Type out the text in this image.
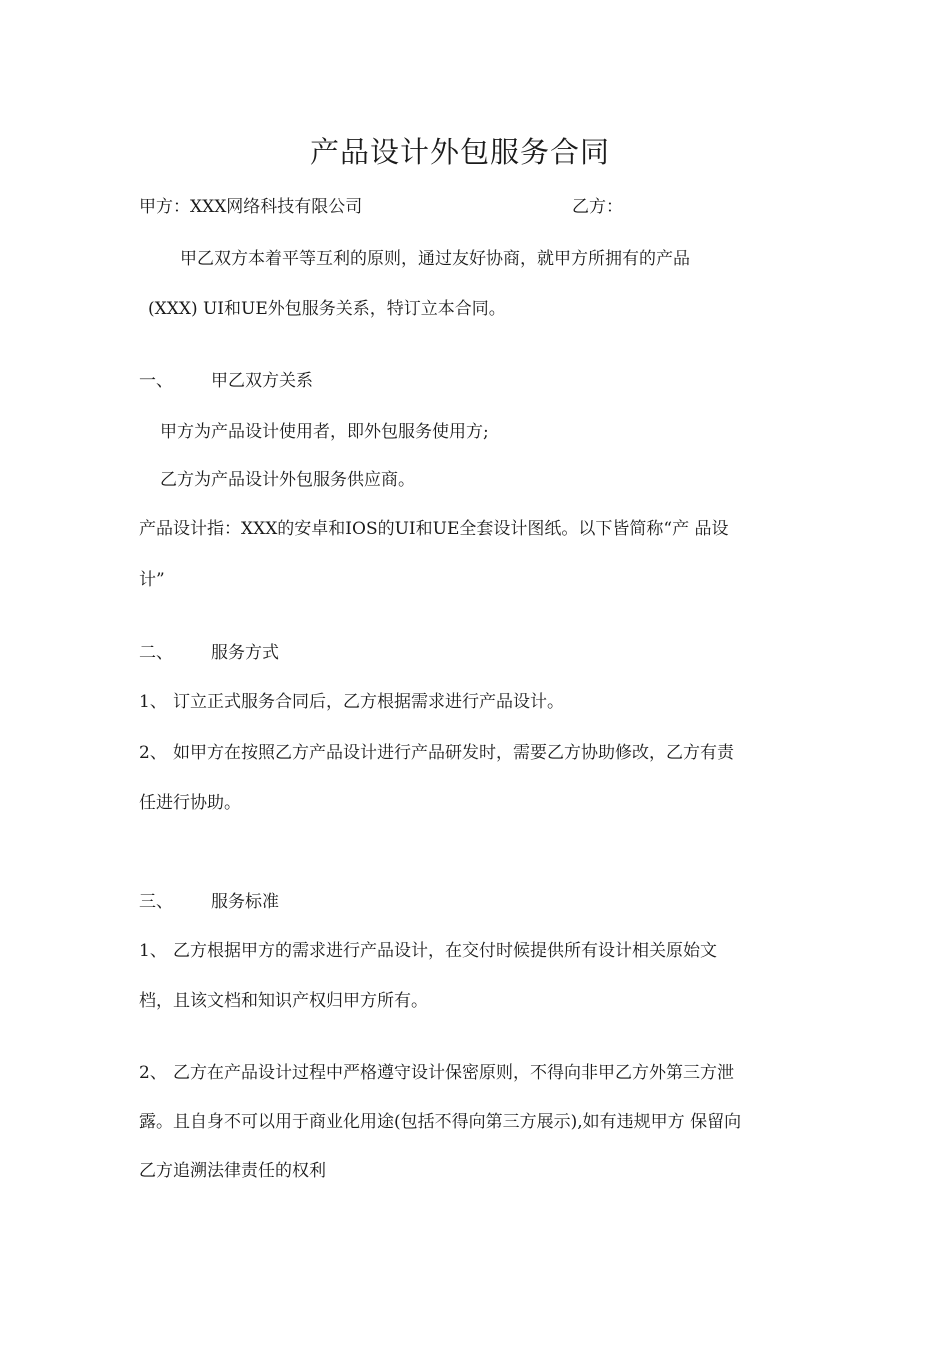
产品设计外包服务合同
甲方：XXX网络科技有限公司	乙方：
甲乙双方本着平等互利的原则，通过友好协商，就甲方所拥有的产品
(XXX) UI和UE外包服务关系，特订立本合同。
一、 甲乙双方关系
甲方为产品设计使用者，即外包服务使用方;
乙方为产品设计外包服务供应商。
产品设计指：XXX的安卓和IOS的UI和UE全套设计图纸。以下皆简称“产 品设
计”
二、 服务方式
1、 订立正式服务合同后，乙方根据需求进行产品设计。
2、 如甲方在按照乙方产品设计进行产品研发时，需要乙方协助修改，乙方有责
任进行协助。
三、 服务标准
1、 乙方根据甲方的需求进行产品设计，在交付时候提供所有设计相关原始文
档，且该文档和知识产权归甲方所有。
2、 乙方在产品设计过程中严格遵守设计保密原则，不得向非甲乙方外第三方泄
露。且自身不可以用于商业化用途(包括不得向第三方展示),如有违规甲方 保留向
乙方追溯法律责任的权利
